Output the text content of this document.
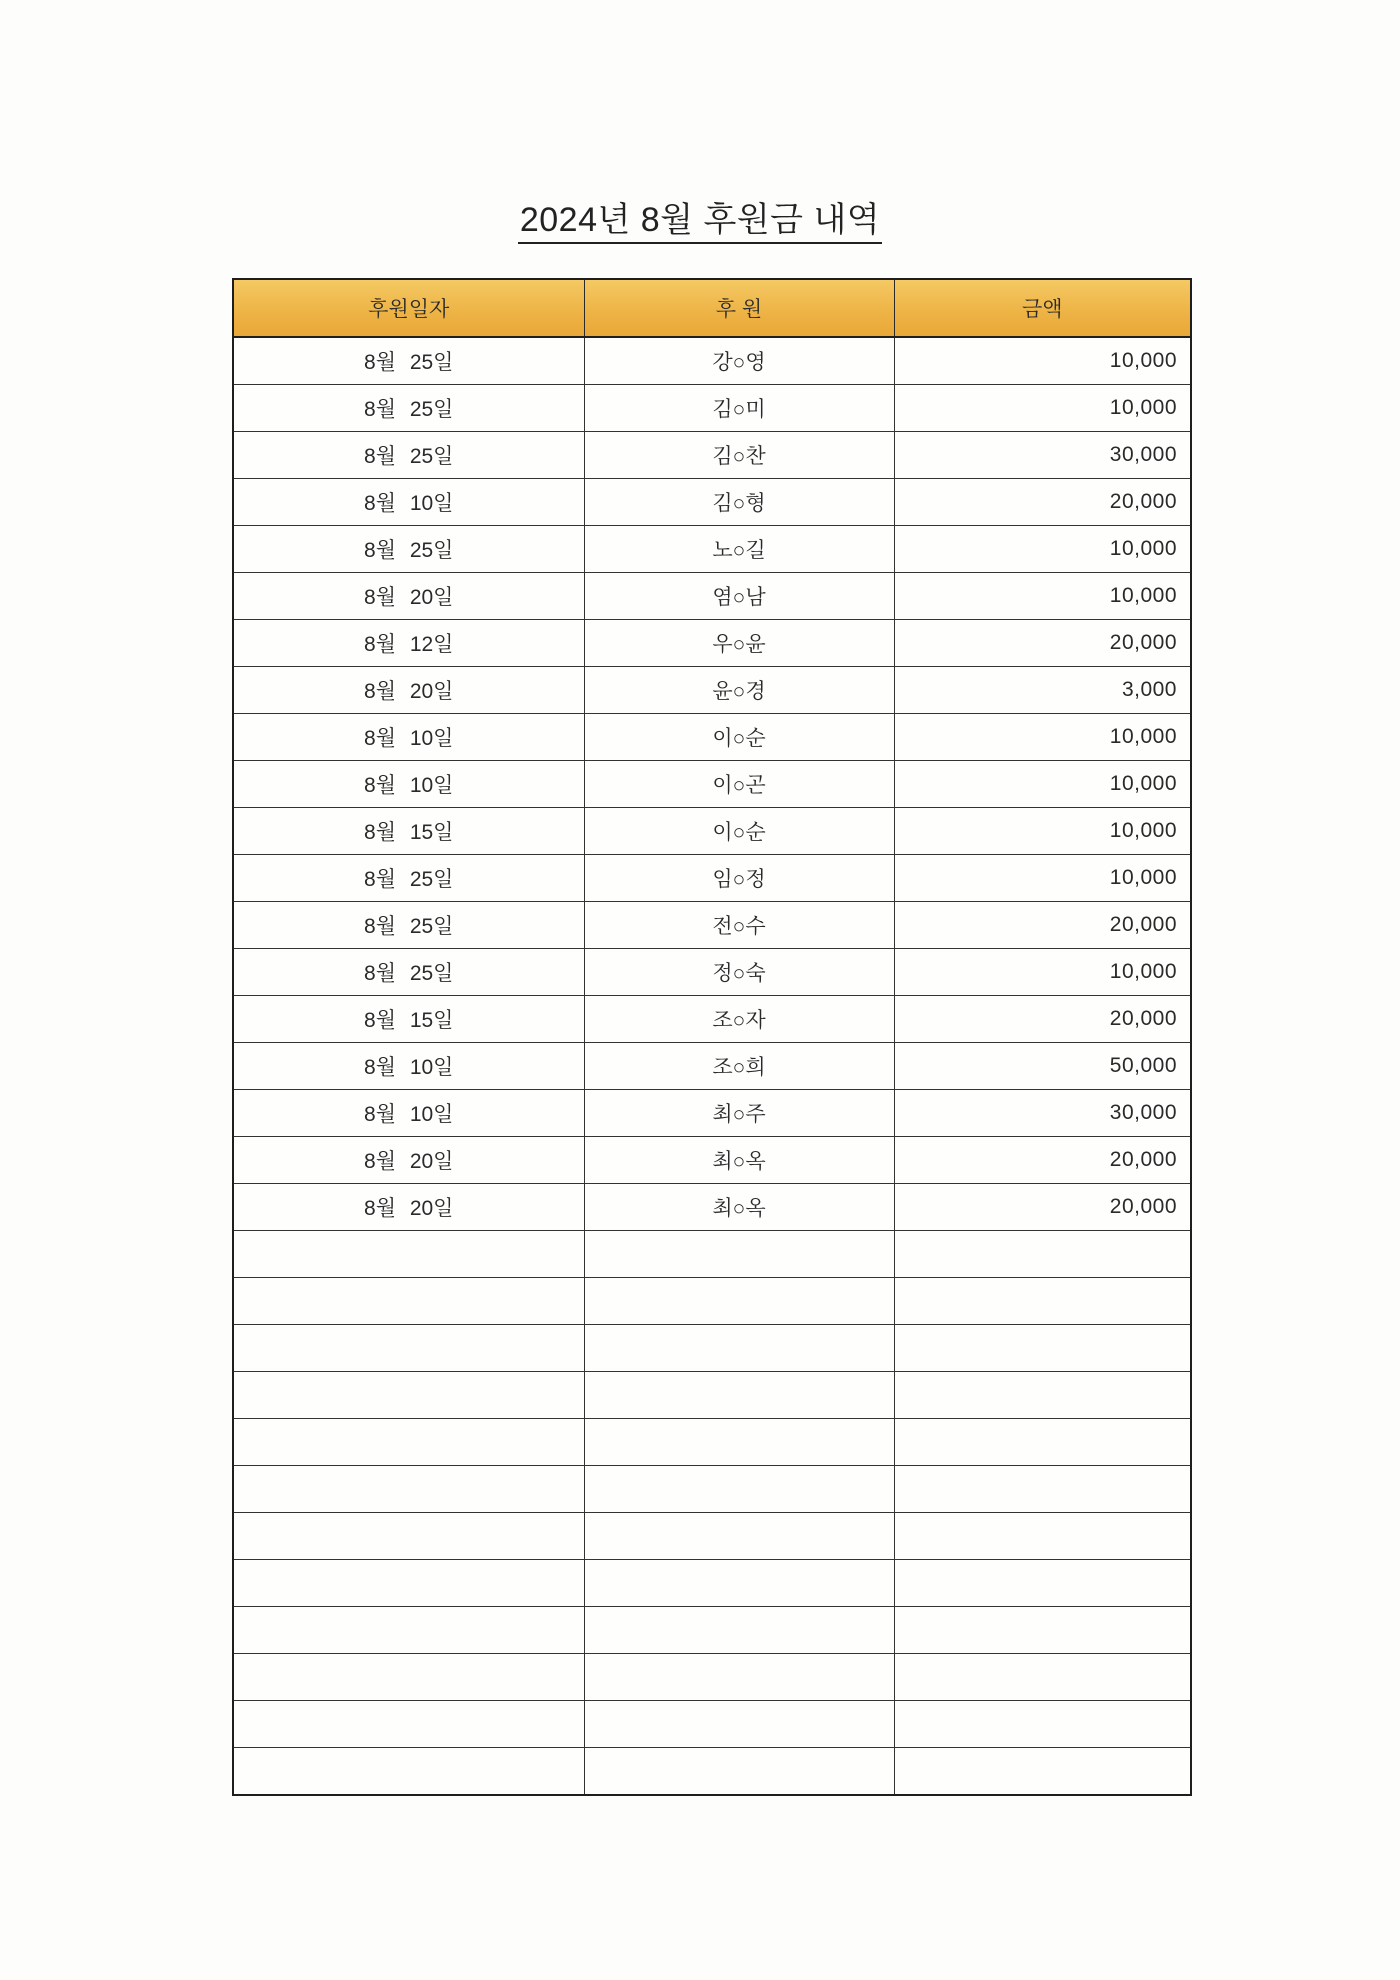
2024년 8월 후원금 내역
후원일자	후 원	금액
8월 25일	강○영	10,000
8월 25일	김○미	10,000
8월 25일	김○찬	30,000
8월 10일	김○형	20,000
8월 25일	노○길	10,000
8월 20일	염○남	10,000
8월 12일	우○윤	20,000
8월 20일	윤○경	3,000
8월 10일	이○순	10,000
8월 10일	이○곤	10,000
8월 15일	이○순	10,000
8월 25일	임○정	10,000
8월 25일	전○수	20,000
8월 25일	정○숙	10,000
8월 15일	조○자	20,000
8월 10일	조○희	50,000
8월 10일	최○주	30,000
8월 20일	최○옥	20,000
8월 20일	최○옥	20,000
